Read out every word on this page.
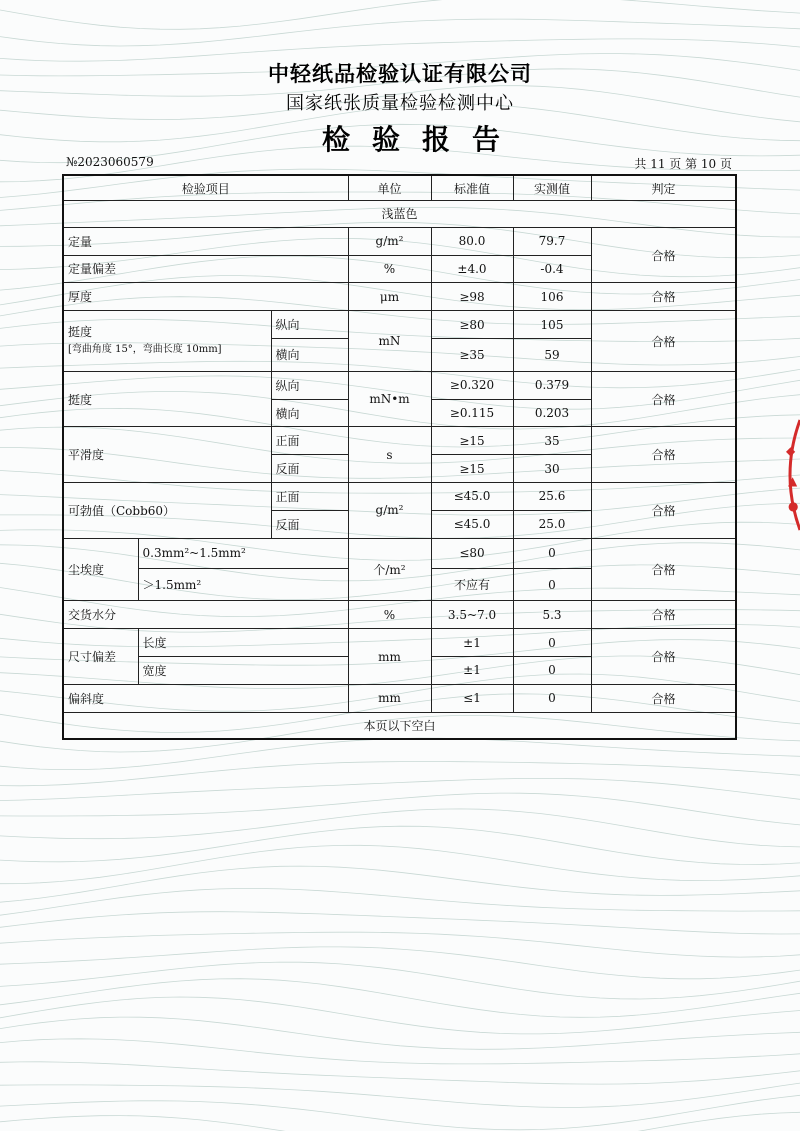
◆
▲
●
中轻纸品检验认证有限公司
国家纸张质量检验检测中心
检验报告
№2023060579	共 11 页 第 10 页
检验项目			单位	标准值	实测值	判定	
浅蓝色							
定量			g/m²	80.0	79.7	合格	
定量偏差			%	±4.0	-0.4	
厚度			μm	≥98	106	合格	

挺度
[弯曲角度 15°，弯曲长度 10mm]		纵向	mN	≥80	105	合格	
		横向		≥35	59		
挺度		纵向	mN•m	≥0.320	0.379	合格	
		横向		≥0.115	0.203		
平滑度		正面	s	≥15	35	合格	
		反面		≥15	30		
可勃值（Cobb60）		正面	g/m²	≤45.0	25.6	合格	
		反面		≤45.0	25.0		
尘埃度	0.3mm²~1.5mm²		个/m²	≤80	0	合格	
	＞1.5mm²			不应有	0		
交货水分			%	3.5~7.0	5.3	合格	
尺寸偏差	长度		mm	±1	0	合格	
	宽度			±1	0		
偏斜度			mm	≤1	0	合格	
本页以下空白							
